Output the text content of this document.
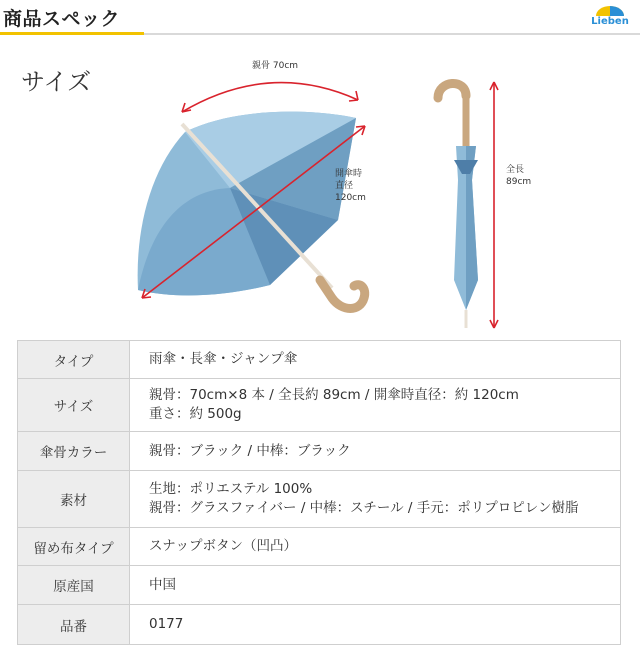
商品スペック	Lieben
サイズ
親骨 70cm
開傘時
直径
120cm
全長
89cm
タイプ	雨傘・長傘・ジャンプ傘

サイズ	親骨：70cm×8 本 / 全長約 89cm / 開傘時直径：約 120cm
重さ：約 500g

傘骨カラー	親骨：ブラック / 中棒：ブラック

素材	生地：ポリエステル 100%
親骨：グラスファイバー / 中棒：スチール / 手元：ポリプロピレン樹脂

留め布タイプ	スナップボタン（凹凸）

原産国	中国

品番	0177
